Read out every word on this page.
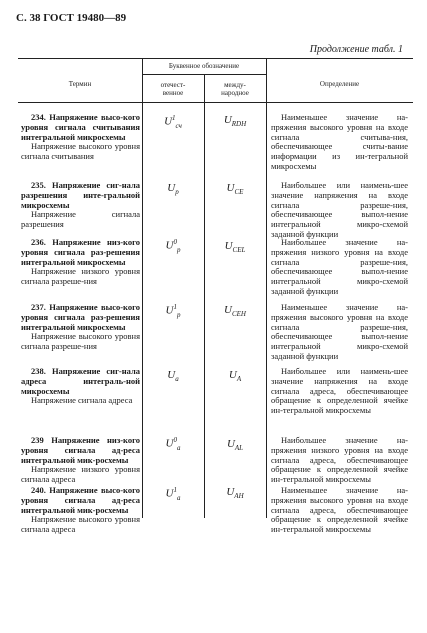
С. 38 ГОСТ 19480—89
Продолжение табл. 1
Термин
Буквенное обозначение
отечест-
венное
между-
народное
Определение

234. Напряжение высо-кого уровня сигнала считывания интегральной микросхемы

Напряжение высокого уровня сигнала считывания

$U^1_{сч}$	$U_{RDH}$

Наименьшее значение на-пряжения высокого уровня на входе сигнала считыва-ния, обеспечивающее считы-вание информации из ин-тегральной микросхемы

235. Напряжение сиг-нала разрешения инте-гральной микросхемы

Напряжение сигнала разрешения

$U_р$	$U_{CE}$

Наибольшее или наимень-шее значение напряжения на входе сигнала разреше-ния, обеспечивающее выпол-нение интегральной микро-схемой заданной функции

236. Напряжение низ-кого уровня сигнала раз-решения интегральной микросхемы

Напряжение низкого уровня сигнала разреше-ния

$U^0_р$	$U_{CEL}$

Наибольшее значение на-пряжения низкого уровня на входе сигнала разреше-ния, обеспечивающее выпол-нение интегральной микро-схемой заданной функции

237. Напряжение высо-кого уровня сигнала раз-решения интегральной микросхемы

Напряжение высокого уровня сигнала разреше-ния

$U^1_р$	$U_{CEH}$

Наименьшее значение на-пряжения высокого уровня на входе сигнала разреше-ния, обеспечивающее выпол-нение интегральной микро-схемой заданной функции

238. Напряжение сиг-нала адреса интеграль-ной микросхемы

Напряжение сигнала адреса

$U_а$	$U_A$

Наибольшее или наимень-шее значение напряжения на входе сигнала адреса, обеспечивающее обращение к определенной ячейке ин-тегральной микросхемы

239 Напряжение низ-кого уровня сигнала ад-реса интегральной мик-росхемы

Напряжение низкого уровня сигнала адреса

$U^0_а$	$U_{AL}$

Наибольшее значение на-пряжения низкого уровня на входе сигнала адреса, обеспечивающее обращение к определенной ячейке ин-тегральной микросхемы

240. Напряжение высо-кого уровня сигнала ад-реса интегральной мик-росхемы

Напряжение высокого уровня сигнала адреса

$U^1_а$	$U_{AH}$

Наименьшее значение на-пряжения высокого уровня на входе сигнала адреса, обеспечивающее обращение к определенной ячейке ин-тегральной микросхемы
